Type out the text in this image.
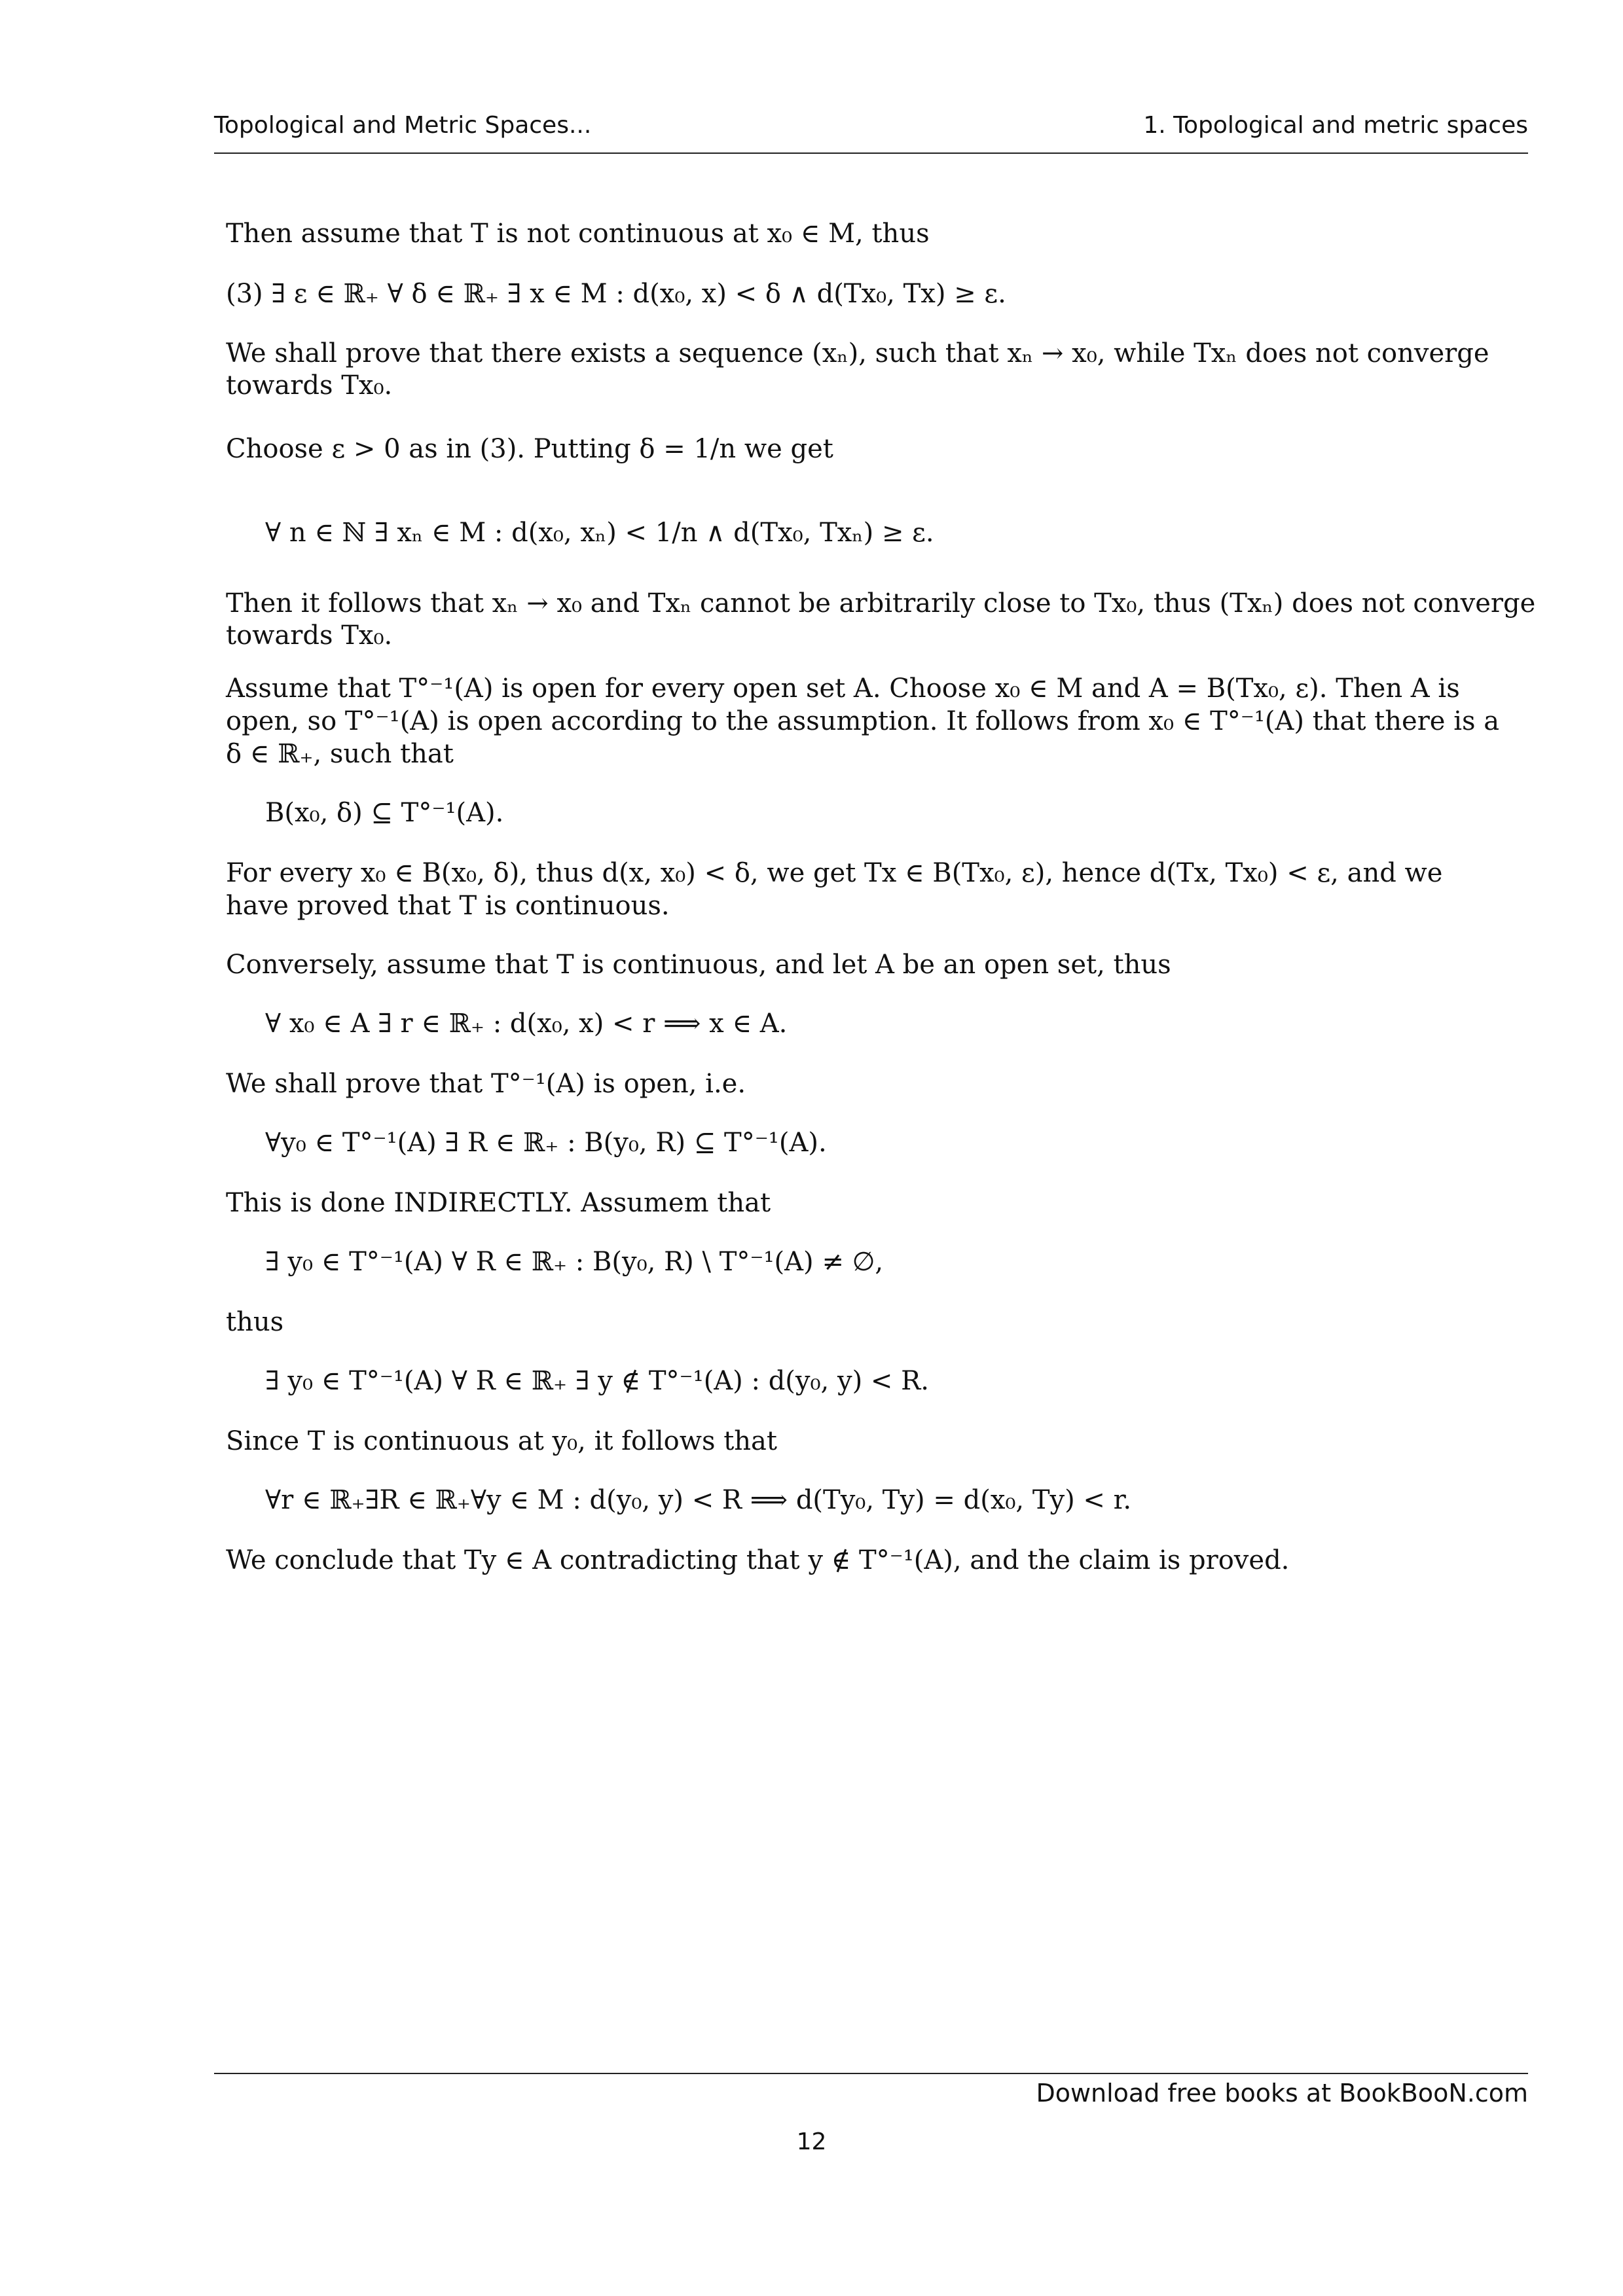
Topological and Metric Spaces...	1. Topological and metric spaces
Then assume that T is not continuous at x₀ ∈ M, thus
(3) ∃ ε ∈ ℝ₊ ∀ δ ∈ ℝ₊ ∃ x ∈ M : d(x₀, x) < δ ∧ d(Tx₀, Tx) ≥ ε.
We shall prove that there exists a sequence (xₙ), such that xₙ → x₀, while Txₙ does not converge
towards Tx₀.
Choose ε > 0 as in (3). Putting δ = 1/n we get
∀ n ∈ ℕ ∃ xₙ ∈ M : d(x₀, xₙ) < 1/n ∧ d(Tx₀, Txₙ) ≥ ε.
Then it follows that xₙ → x₀ and Txₙ cannot be arbitrarily close to Tx₀, thus (Txₙ) does not converge
towards Tx₀.
Assume that T°⁻¹(A) is open for every open set A. Choose x₀ ∈ M and A = B(Tx₀, ε). Then A is
open, so T°⁻¹(A) is open according to the assumption. It follows from x₀ ∈ T°⁻¹(A) that there is a
δ ∈ ℝ₊, such that
B(x₀, δ) ⊆ T°⁻¹(A).
For every x₀ ∈ B(x₀, δ), thus d(x, x₀) < δ, we get Tx ∈ B(Tx₀, ε), hence d(Tx, Tx₀) < ε, and we
have proved that T is continuous.
Conversely, assume that T is continuous, and let A be an open set, thus
∀ x₀ ∈ A ∃ r ∈ ℝ₊ : d(x₀, x) < r ⟹ x ∈ A.
We shall prove that T°⁻¹(A) is open, i.e.
∀y₀ ∈ T°⁻¹(A) ∃ R ∈ ℝ₊ : B(y₀, R) ⊆ T°⁻¹(A).
This is done INDIRECTLY. Assumem that
∃ y₀ ∈ T°⁻¹(A) ∀ R ∈ ℝ₊ : B(y₀, R) \ T°⁻¹(A) ≠ ∅,
thus
∃ y₀ ∈ T°⁻¹(A) ∀ R ∈ ℝ₊ ∃ y ∉ T°⁻¹(A) : d(y₀, y) < R.
Since T is continuous at y₀, it follows that
∀r ∈ ℝ₊∃R ∈ ℝ₊∀y ∈ M : d(y₀, y) < R ⟹ d(Ty₀, Ty) = d(x₀, Ty) < r.
We conclude that Ty ∈ A contradicting that y ∉ T°⁻¹(A), and the claim is proved.
Download free books at BookBooN.com
12
